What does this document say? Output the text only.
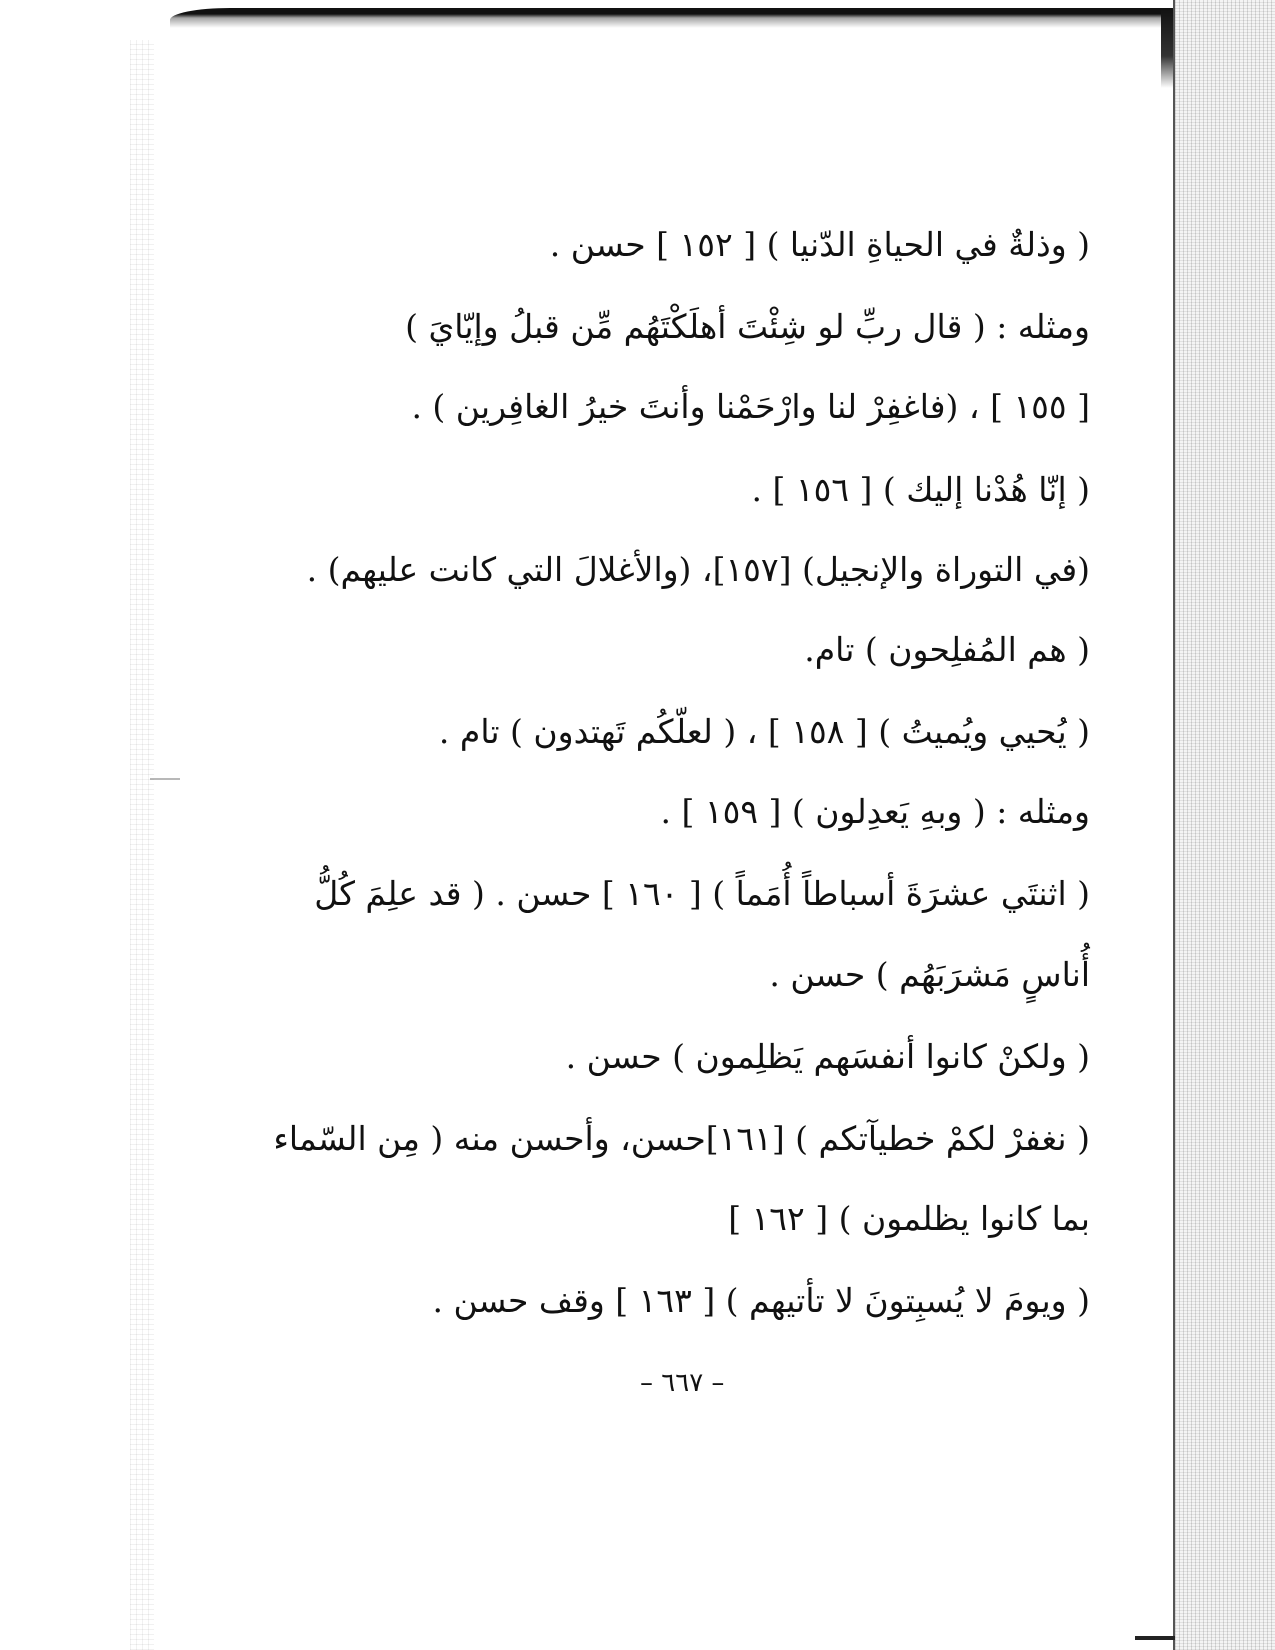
( وذلةٌ في الحياةِ الدّنيا ) [ ١٥٢ ] حسن .
ومثله : ( قال ربِّ لو شِئْتَ أهلَكْتَهُم مِّن قبلُ وإيّايَ )
[ ١٥٥ ] ، (فاغفِرْ لنا وارْحَمْنا وأنتَ خيرُ الغافِرين ) .
( إنّا هُدْنا إليك ) [ ١٥٦ ] .
(في التوراة والإنجيل) [١٥٧]، (والأغلالَ التي كانت عليهم) .
( هم المُفلِحون ) تام.
( يُحيي ويُميتُ ) [ ١٥٨ ] ، ( لعلّكُم تَهتدون ) تام .
ومثله : ( وبهِ يَعدِلون ) [ ١٥٩ ] .
( اثنتَي عشرَةَ أسباطاً أُمَماً ) [ ١٦٠ ] حسن . ( قد علِمَ كُلُّ
أُناسٍ مَشرَبَهُم ) حسن .
( ولكنْ كانوا أنفسَهم يَظلِمون ) حسن .
( نغفرْ لكمْ خطيآتكم ) [١٦١]حسن، وأحسن منه ( مِن السّماء
بما كانوا يظلمون ) [ ١٦٢ ]
( ويومَ لا يُسبِتونَ لا تأتيهم ) [ ١٦٣ ] وقف حسن .
– ٦٦٧ –
